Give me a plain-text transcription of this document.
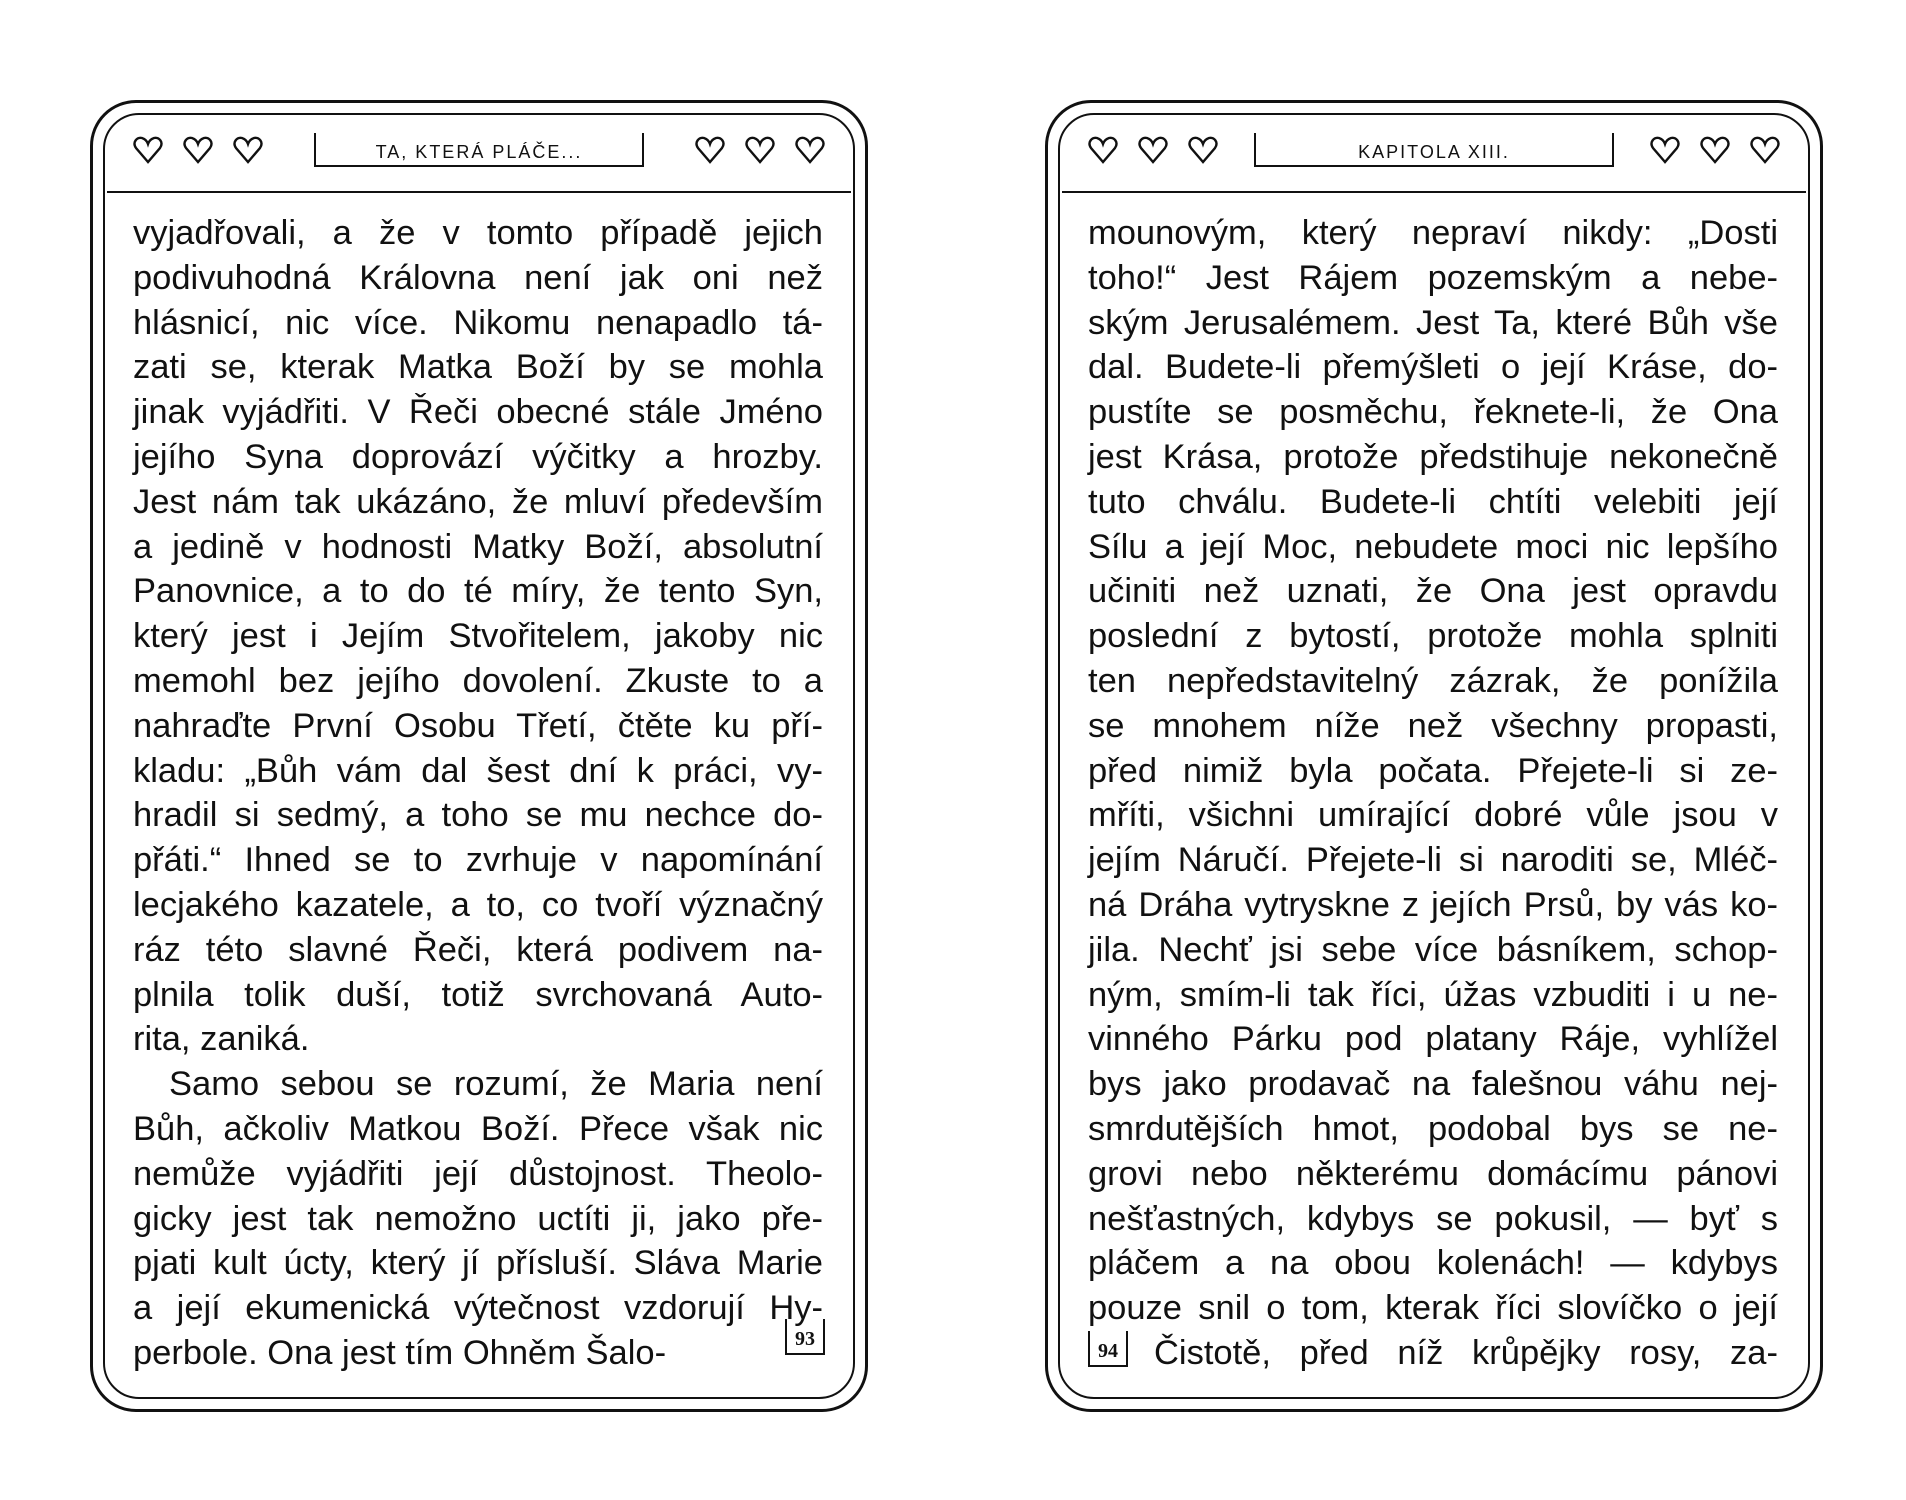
TA, KTERÁ PLÁČE...
vyjadřovali, a že v tomto případě jejich
podivuhodná Královna není jak oni než
hlásnicí, nic více. Nikomu nenapadlo tá-
zati se, kterak Matka Boží by se mohla
jinak vyjádřiti. V Řeči obecné stále Jméno
jejího Syna doprovází výčitky a hrozby.
Jest nám tak ukázáno, že mluví především
a jedině v hodnosti Matky Boží, absolutní
Panovnice, a to do té míry, že tento Syn,
který jest i Jejím Stvořitelem, jakoby nic
memohl bez jejího dovolení. Zkuste to a
nahraďte První Osobu Třetí, čtěte ku pří-
kladu: „Bůh vám dal šest dní k práci, vy-
hradil si sedmý, a toho se mu nechce do-
přáti.“ Ihned se to zvrhuje v napomínání
lecjakého kazatele, a to, co tvoří význačný
ráz této slavné Řeči, která podivem na-
plnila tolik duší, totiž svrchovaná Auto-
rita, zaniká.
Samo sebou se rozumí, že Maria není
Bůh, ačkoliv Matkou Boží. Přece však nic
nemůže vyjádřiti její důstojnost. Theolo-
gicky jest tak nemožno uctíti ji, jako pře-
pjati kult úcty, který jí přísluší. Sláva Marie
a její ekumenická výtečnost vzdorují Hy-
perbole. Ona jest tím Ohněm Šalo-	93
KAPITOLA XIII.
mounovým, který nepraví nikdy: „Dosti
toho!“ Jest Rájem pozemským a nebe-
ským Jerusalémem. Jest Ta, které Bůh vše
dal. Budete-li přemýšleti o její Kráse, do-
pustíte se posměchu, řeknete-li, že Ona
jest Krása, protože předstihuje nekonečně
tuto chválu. Budete-li chtíti velebiti její
Sílu a její Moc, nebudete moci nic lepšího
učiniti než uznati, že Ona jest opravdu
poslední z bytostí, protože mohla splniti
ten nepředstavitelný zázrak, že ponížila
se mnohem níže než všechny propasti,
před nimiž byla počata. Přejete-li si ze-
mříti, všichni umírající dobré vůle jsou v
jejím Náručí. Přejete-li si naroditi se, Mléč-
ná Dráha vytryskne z jejích Prsů, by vás ko-
jila. Nechť jsi sebe více básníkem, schop-
ným, smím-li tak říci, úžas vzbuditi i u ne-
vinného Párku pod platany Ráje, vyhlížel
bys jako prodavač na falešnou váhu nej-
smrdutějších hmot, podobal bys se ne-
grovi nebo některému domácímu pánovi
nešťastných, kdybys se pokusil, — byť s
pláčem a na obou kolenách! — kdybys
pouze snil o tom, kterak říci slovíčko o její
Čistotě, před níž krůpějky rosy, za-
94
